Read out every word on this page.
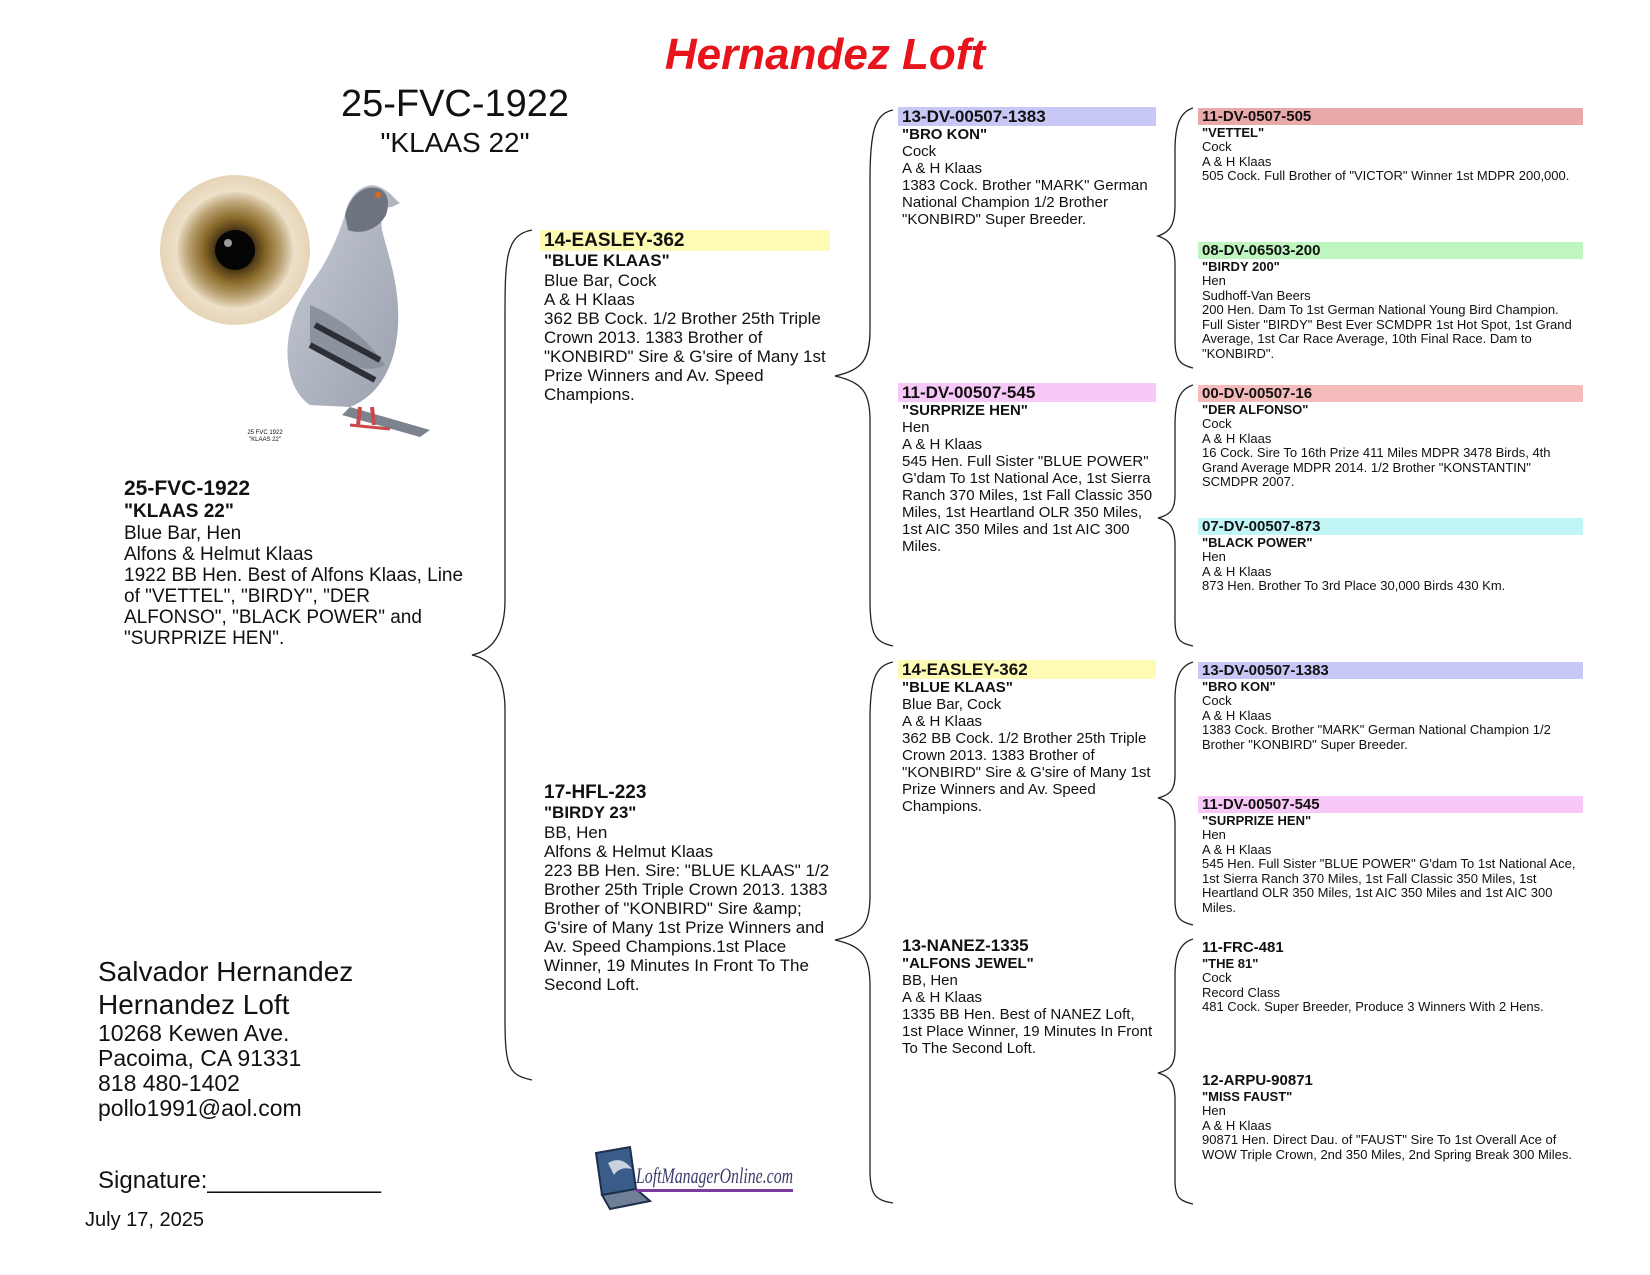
Hernandez Loft
25-FVC-1922
"KLAAS 22"
25 FVC 1922
"KLAAS 22"
25-FVC-1922
"KLAAS 22"
Blue Bar, Hen
Alfons & Helmut Klaas
1922 BB Hen. Best of Alfons Klaas, Line of "VETTEL", "BIRDY", "DER ALFONSO", "BLACK POWER" and "SURPRIZE HEN".
14-EASLEY-362
"BLUE KLAAS"
Blue Bar, Cock
A & H Klaas
362 BB Cock. 1/2 Brother 25th Triple Crown 2013. 1383 Brother of "KONBIRD" Sire & G'sire of Many 1st Prize Winners and Av. Speed Champions.
17-HFL-223
"BIRDY 23"
BB, Hen
Alfons & Helmut Klaas
223 BB Hen. Sire: "BLUE KLAAS" 1/2 Brother 25th Triple Crown 2013. 1383 Brother of "KONBIRD" Sire &amp; G'sire of Many 1st Prize Winners and Av. Speed Champions.1st Place Winner, 19 Minutes In Front To The Second Loft.
13-DV-00507-1383
"BRO KON"
Cock
A & H Klaas
1383 Cock. Brother "MARK" German National Champion 1/2 Brother "KONBIRD" Super Breeder.
11-DV-00507-545
"SURPRIZE HEN"
Hen
A & H Klaas
545 Hen. Full Sister "BLUE POWER" G'dam To 1st National Ace, 1st Sierra Ranch 370 Miles, 1st Fall Classic 350 Miles, 1st Heartland OLR 350 Miles, 1st AIC 350 Miles and 1st AIC 300 Miles.
14-EASLEY-362
"BLUE KLAAS"
Blue Bar, Cock
A & H Klaas
362 BB Cock. 1/2 Brother 25th Triple Crown 2013. 1383 Brother of "KONBIRD" Sire & G'sire of Many 1st Prize Winners and Av. Speed Champions.
13-NANEZ-1335
"ALFONS JEWEL"
BB, Hen
A & H Klaas
1335 BB Hen. Best of NANEZ Loft, 1st Place Winner, 19 Minutes In Front To The Second Loft.
11-DV-0507-505
"VETTEL"
Cock
A & H Klaas
505 Cock. Full Brother of "VICTOR" Winner 1st MDPR 200,000.
08-DV-06503-200
"BIRDY 200"
Hen
Sudhoff-Van Beers
200 Hen. Dam To 1st German National Young Bird Champion. Full Sister "BIRDY" Best Ever SCMDPR 1st Hot Spot, 1st Grand Average, 1st Car Race Average, 10th Final Race. Dam to "KONBIRD".
00-DV-00507-16
"DER ALFONSO"
Cock
A & H Klaas
16 Cock. Sire To 16th Prize 411 Miles MDPR 3478 Birds, 4th Grand Average MDPR 2014. 1/2 Brother "KONSTANTIN" SCMDPR 2007.
07-DV-00507-873
"BLACK POWER"
Hen
A & H Klaas
873 Hen. Brother To 3rd Place 30,000 Birds 430 Km.
13-DV-00507-1383
"BRO KON"
Cock
A & H Klaas
1383 Cock. Brother "MARK" German National Champion 1/2 Brother "KONBIRD" Super Breeder.
11-DV-00507-545
"SURPRIZE HEN"
Hen
A & H Klaas
545 Hen. Full Sister "BLUE POWER" G'dam To 1st National Ace, 1st Sierra Ranch 370 Miles, 1st Fall Classic 350 Miles, 1st Heartland OLR 350 Miles, 1st AIC 350 Miles and 1st AIC 300 Miles.
11-FRC-481
"THE 81"
Cock
Record Class
481 Cock. Super Breeder, Produce 3 Winners With 2 Hens.
12-ARPU-90871
"MISS FAUST"
Hen
A & H Klaas
90871 Hen. Direct Dau. of "FAUST" Sire To 1st Overall Ace of WOW Triple Crown, 2nd 350 Miles, 2nd Spring Break 300 Miles.
Salvador Hernandez
Hernandez Loft
10268 Kewen Ave.
Pacoima, CA 91331
818 480-1402
pollo1991@aol.com
Signature:_____________
July 17, 2025
LoftManagerOnline.com
